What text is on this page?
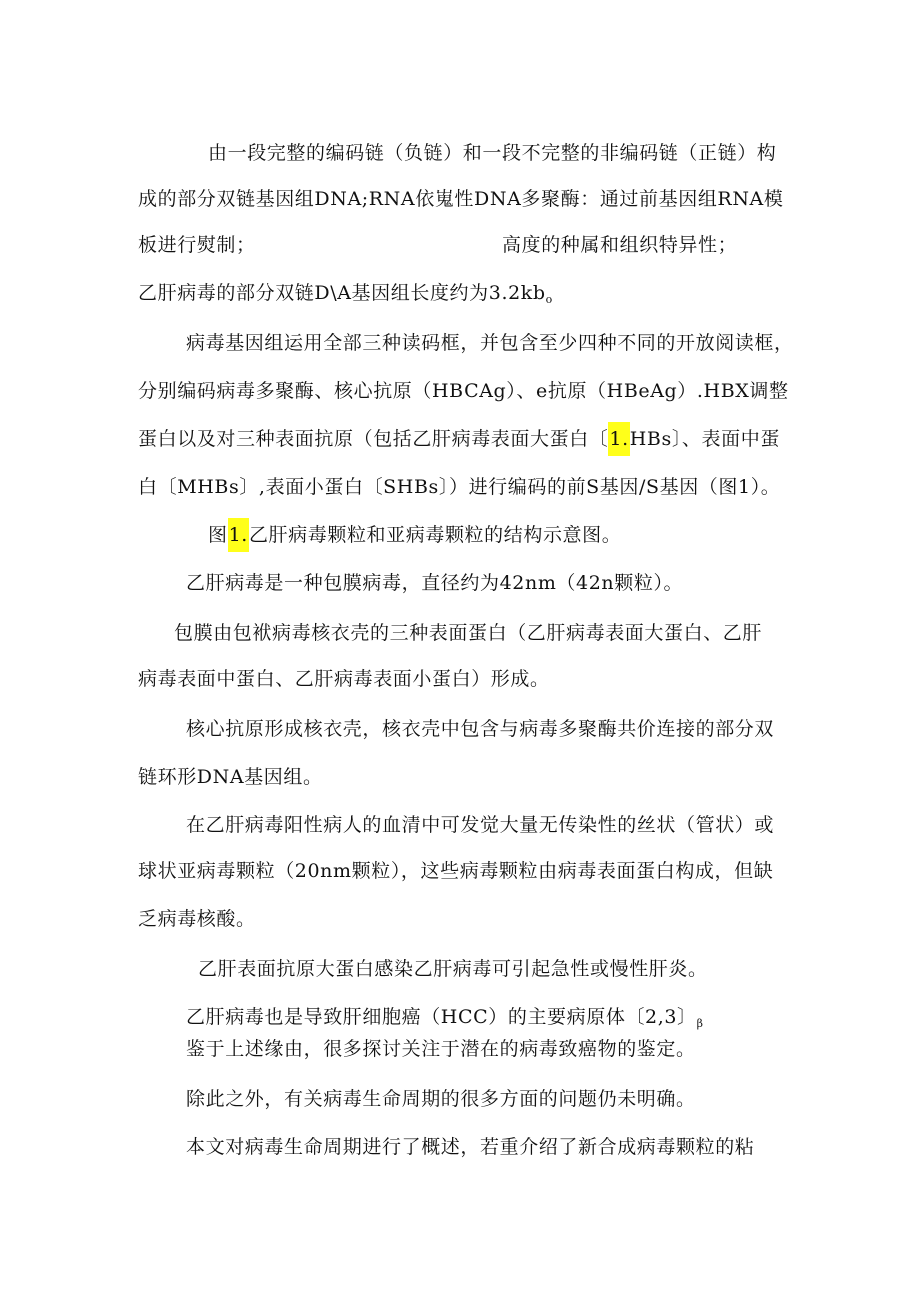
由一段完整的编码链（负链）和一段不完整的非编码链（正链）构
成的部分双链基因组DNA;RNA依嵬性DNA多聚酶：通过前基因组RNA模
板进行熨制；	高度的种属和组织特异性；
乙肝病毒的部分双链D\A基因组长度约为$3.2kb_o$
病毒基因组运用全部三种读码框，并包含至少四种不同的开放阅读框，
分别编码病毒多聚酶、核心抗原（HBCAg）、e抗原（HBeAg）.HBX调整
蛋白以及对三种表面抗原（包括乙肝病毒表面大蛋白〔1.HBs〕、表面中蛋
白〔MHBs〕,表面小蛋白〔SHBs〕）进行编码的前S基因/S基因（图1）。
图1.乙肝病毒颗粒和亚病毒颗粒的结构示意图。
乙肝病毒是一种包膜病毒，直径约为42nm（42n颗粒）。
包膜由包袱病毒核衣壳的三种表面蛋白（乙肝病毒表面大蛋白、乙肝
病毒表面中蛋白、乙肝病毒表面小蛋白）形成。
核心抗原形成核衣壳，核衣壳中包含与病毒多聚酶共价连接的部分双
链环形DNA基因组。
在乙肝病毒阳性病人的血清中可发觉大量无传染性的丝状（管状）或
球状亚病毒颗粒（20nm颗粒），这些病毒颗粒由病毒表面蛋白构成，但缺
乏病毒核酸。
乙肝表面抗原大蛋白感染乙肝病毒可引起急性或慢性肝炎。
乙肝病毒也是导致肝细胞癌（HCC）的主要病原体〔2,3〕$_\beta$
鉴于上述缘由，很多探讨关注于潜在的病毒致癌物的鉴定。
除此之外，有关病毒生命周期的很多方面的问题仍未明确。
本文对病毒生命周期进行了概述，若重介绍了新合成病毒颗粒的粘
